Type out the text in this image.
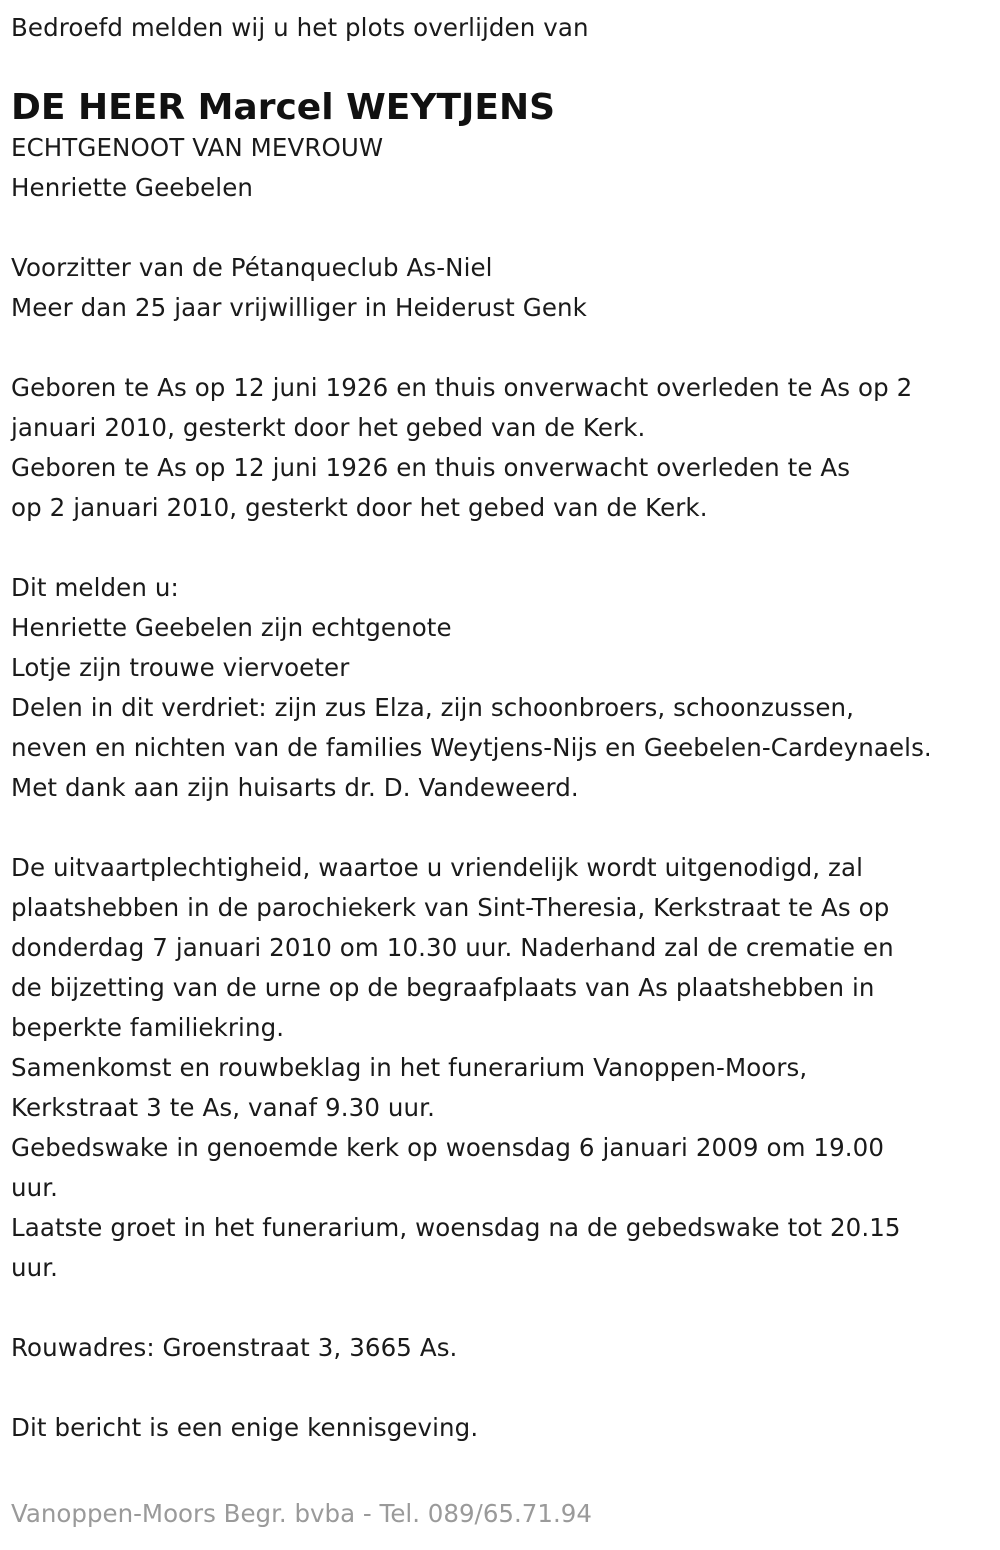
Bedroefd melden wij u het plots overlijden van
DE HEER Marcel WEYTJENS
ECHTGENOOT VAN MEVROUW
Henriette Geebelen
Voorzitter van de Pétanqueclub As-Niel
Meer dan 25 jaar vrijwilliger in Heiderust Genk
Geboren te As op 12 juni 1926 en thuis onverwacht overleden te As op 2
januari 2010, gesterkt door het gebed van de Kerk.
Geboren te As op 12 juni 1926 en thuis onverwacht overleden te As
op 2 januari 2010, gesterkt door het gebed van de Kerk.
Dit melden u:
Henriette Geebelen zijn echtgenote
Lotje zijn trouwe viervoeter
Delen in dit verdriet: zijn zus Elza, zijn schoonbroers, schoonzussen,
neven en nichten van de families Weytjens-Nijs en Geebelen-Cardeynaels.
Met dank aan zijn huisarts dr. D. Vandeweerd.
De uitvaartplechtigheid, waartoe u vriendelijk wordt uitgenodigd, zal
plaatshebben in de parochiekerk van Sint-Theresia, Kerkstraat te As op
donderdag 7 januari 2010 om 10.30 uur. Naderhand zal de crematie en
de bijzetting van de urne op de begraafplaats van As plaatshebben in
beperkte familiekring.
Samenkomst en rouwbeklag in het funerarium Vanoppen-Moors,
Kerkstraat 3 te As, vanaf 9.30 uur.
Gebedswake in genoemde kerk op woensdag 6 januari 2009 om 19.00
uur.
Laatste groet in het funerarium, woensdag na de gebedswake tot 20.15
uur.
Rouwadres: Groenstraat 3, 3665 As.
Dit bericht is een enige kennisgeving.
Vanoppen-Moors Begr. bvba - Tel. 089/65.71.94
